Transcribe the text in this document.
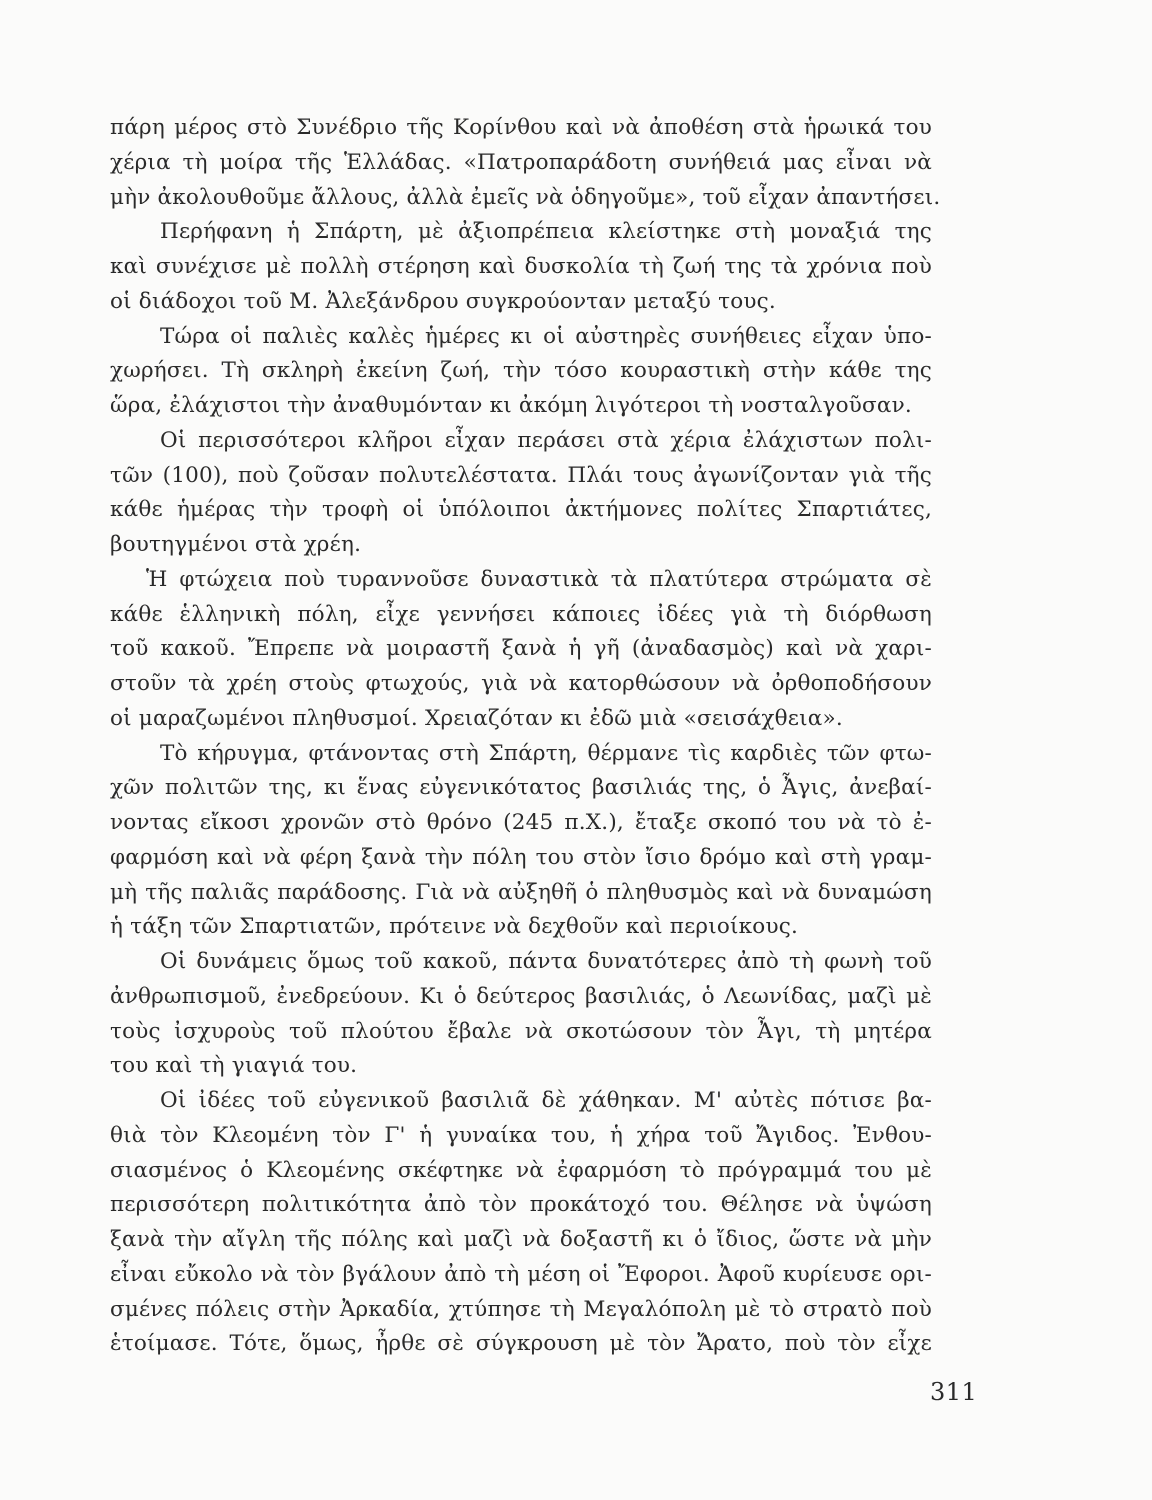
πάρη μέρος στὸ Συνέδριο τῆς Κορίνθου καὶ νὰ ἀποθέση στὰ ἡρωικά του
χέρια τὴ μοίρα τῆς Ἑλλάδας. «Πατροπαράδοτη συνήθειά μας εἶναι νὰ
μὴν ἀκολουθοῦμε ἄλλους, ἀλλὰ ἐμεῖς νὰ ὁδηγοῦμε», τοῦ εἶχαν ἀπαντήσει.
Περήφανη ἡ Σπάρτη, μὲ ἀξιοπρέπεια κλείστηκε στὴ μοναξιά της
καὶ συνέχισε μὲ πολλὴ στέρηση καὶ δυσκολία τὴ ζωή της τὰ χρόνια ποὺ
οἱ διάδοχοι τοῦ Μ. Ἀλεξάνδρου συγκρούονταν μεταξύ τους.
Τώρα οἱ παλιὲς καλὲς ἡμέρες κι οἱ αὐστηρὲς συνήθειες εἶχαν ὑπο-
χωρήσει. Τὴ σκληρὴ ἐκείνη ζωή, τὴν τόσο κουραστικὴ στὴν κάθε της
ὥρα, ἐλάχιστοι τὴν ἀναθυμόνταν κι ἀκόμη λιγότεροι τὴ νοσταλγοῦσαν.
Οἱ περισσότεροι κλῆροι εἶχαν περάσει στὰ χέρια ἐλάχιστων πολι-
τῶν (100), ποὺ ζοῦσαν πολυτελέστατα. Πλάι τους ἀγωνίζονταν γιὰ τῆς
κάθε ἡμέρας τὴν τροφὴ οἱ ὑπόλοιποι ἀκτήμονες πολίτες Σπαρτιάτες,
βουτηγμένοι στὰ χρέη.
Ἡ φτώχεια ποὺ τυραννοῦσε δυναστικὰ τὰ πλατύτερα στρώματα σὲ
κάθε ἑλληνικὴ πόλη, εἶχε γεννήσει κάποιες ἰδέες γιὰ τὴ διόρθωση
τοῦ κακοῦ. Ἔπρεπε νὰ μοιραστῆ ξανὰ ἡ γῆ (ἀναδασμὸς) καὶ νὰ χαρι-
στοῦν τὰ χρέη στοὺς φτωχούς, γιὰ νὰ κατορθώσουν νὰ ὀρθοποδήσουν
οἱ μαραζωμένοι πληθυσμοί. Χρειαζόταν κι ἐδῶ μιὰ «σεισάχθεια».
Τὸ κήρυγμα, φτάνοντας στὴ Σπάρτη, θέρμανε τὶς καρδιὲς τῶν φτω-
χῶν πολιτῶν της, κι ἕνας εὐγενικότατος βασιλιάς της, ὁ Ἆγις, ἀνεβαί-
νοντας εἴκοσι χρονῶν στὸ θρόνο (245 π.Χ.), ἔταξε σκοπό του νὰ τὸ ἐ-
φαρμόση καὶ νὰ φέρη ξανὰ τὴν πόλη του στὸν ἴσιο δρόμο καὶ στὴ γραμ-
μὴ τῆς παλιᾶς παράδοσης. Γιὰ νὰ αὐξηθῆ ὁ πληθυσμὸς καὶ νὰ δυναμώση
ἡ τάξη τῶν Σπαρτιατῶν, πρότεινε νὰ δεχθοῦν καὶ περιοίκους.
Οἱ δυνάμεις ὅμως τοῦ κακοῦ, πάντα δυνατότερες ἀπὸ τὴ φωνὴ τοῦ
ἀνθρωπισμοῦ, ἐνεδρεύουν. Κι ὁ δεύτερος βασιλιάς, ὁ Λεωνίδας, μαζὶ μὲ
τοὺς ἰσχυροὺς τοῦ πλούτου ἔβαλε νὰ σκοτώσουν τὸν Ἆγι, τὴ μητέρα
του καὶ τὴ γιαγιά του.
Οἱ ἰδέες τοῦ εὐγενικοῦ βασιλιᾶ δὲ χάθηκαν. Μ' αὐτὲς πότισε βα-
θιὰ τὸν Κλεομένη τὸν Γ' ἡ γυναίκα του, ἡ χήρα τοῦ Ἄγιδος. Ἐνθου-
σιασμένος ὁ Κλεομένης σκέφτηκε νὰ ἐφαρμόση τὸ πρόγραμμά του μὲ
περισσότερη πολιτικότητα ἀπὸ τὸν προκάτοχό του. Θέλησε νὰ ὑψώση
ξανὰ τὴν αἴγλη τῆς πόλης καὶ μαζὶ νὰ δοξαστῆ κι ὁ ἴδιος, ὥστε νὰ μὴν
εἶναι εὔκολο νὰ τὸν βγάλουν ἀπὸ τὴ μέση οἱ Ἔφοροι. Ἀφοῦ κυρίευσε ορι-
σμένες πόλεις στὴν Ἀρκαδία, χτύπησε τὴ Μεγαλόπολη μὲ τὸ στρατὸ ποὺ
ἑτοίμασε. Τότε, ὅμως, ἦρθε σὲ σύγκρουση μὲ τὸν Ἄρατο, ποὺ τὸν εἶχε
311
